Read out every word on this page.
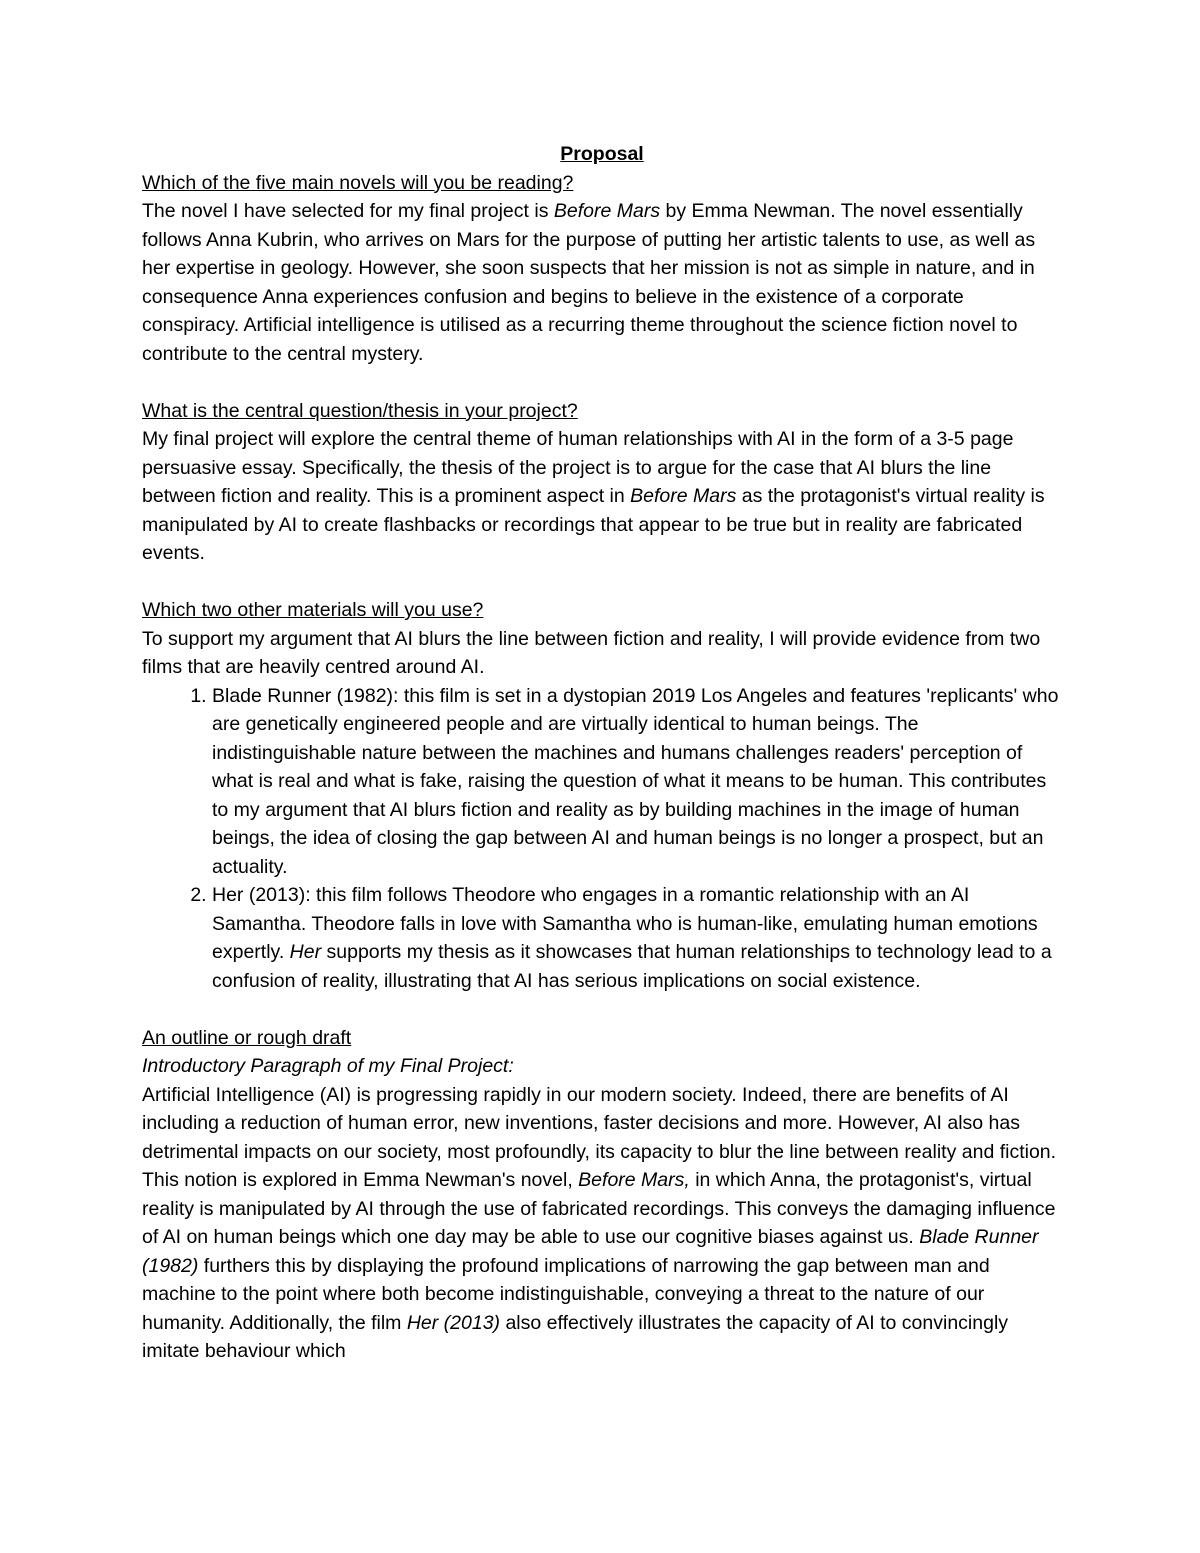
Proposal

Which of the five main novels will you be reading?

The novel I have selected for my final project is Before Mars by Emma Newman. The novel essentially follows Anna Kubrin, who arrives on Mars for the purpose of putting her artistic talents to use, as well as her expertise in geology. However, she soon suspects that her mission is not as simple in nature, and in consequence Anna experiences confusion and begins to believe in the existence of a corporate conspiracy. Artificial intelligence is utilised as a recurring theme throughout the science fiction novel to contribute to the central mystery.

What is the central question/thesis in your project?

My final project will explore the central theme of human relationships with AI in the form of a 3-5 page persuasive essay. Specifically, the thesis of the project is to argue for the case that AI blurs the line between fiction and reality. This is a prominent aspect in Before Mars as the protagonist's virtual reality is manipulated by AI to create flashbacks or recordings that appear to be true but in reality are fabricated events.

Which two other materials will you use?

To support my argument that AI blurs the line between fiction and reality, I will provide evidence from two films that are heavily centred around AI.

1. Blade Runner (1982): this film is set in a dystopian 2019 Los Angeles and features 'replicants' who are genetically engineered people and are virtually identical to human beings. The indistinguishable nature between the machines and humans challenges readers' perception of what is real and what is fake, raising the question of what it means to be human. This contributes to my argument that AI blurs fiction and reality as by building machines in the image of human beings, the idea of closing the gap between AI and human beings is no longer a prospect, but an actuality.
2. Her (2013): this film follows Theodore who engages in a romantic relationship with an AI Samantha. Theodore falls in love with Samantha who is human-like, emulating human emotions expertly. Her supports my thesis as it showcases that human relationships to technology lead to a confusion of reality, illustrating that AI has serious implications on social existence.

An outline or rough draft

Introductory Paragraph of my Final Project:

Artificial Intelligence (AI) is progressing rapidly in our modern society. Indeed, there are benefits of AI including a reduction of human error, new inventions, faster decisions and more. However, AI also has detrimental impacts on our society, most profoundly, its capacity to blur the line between reality and fiction. This notion is explored in Emma Newman's novel, Before Mars, in which Anna, the protagonist's, virtual reality is manipulated by AI through the use of fabricated recordings. This conveys the damaging influence of AI on human beings which one day may be able to use our cognitive biases against us. Blade Runner (1982) furthers this by displaying the profound implications of narrowing the gap between man and machine to the point where both become indistinguishable, conveying a threat to the nature of our humanity. Additionally, the film Her (2013) also effectively illustrates the capacity of AI to convincingly imitate behaviour which
